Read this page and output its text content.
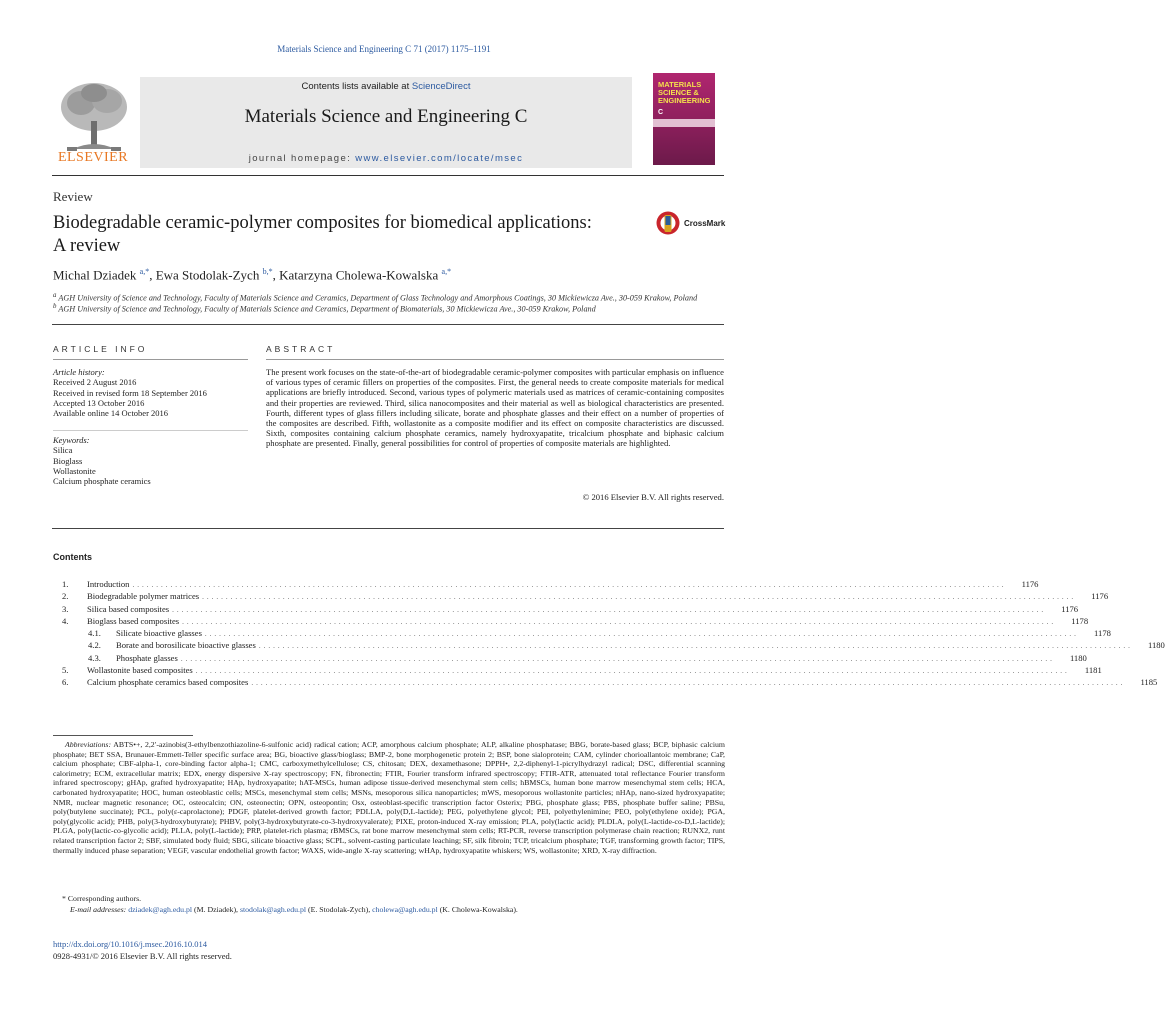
Materials Science and Engineering C 71 (2017) 1175–1191
ELSEVIER
Contents lists available at ScienceDirect
Materials Science and Engineering C
journal homepage: www.elsevier.com/locate/msec
MATERIALS SCIENCE & ENGINEERING
C
Review
Biodegradable ceramic-polymer composites for biomedical applications:
A review
CrossMark
Michal Dziadek $^{a,*}$, Ewa Stodolak-Zych $^{b,*}$, Katarzyna Cholewa-Kowalska $^{a,*}$
$^a$ AGH University of Science and Technology, Faculty of Materials Science and Ceramics, Department of Glass Technology and Amorphous Coatings, 30 Mickiewicza Ave., 30-059 Krakow, Poland
$^b$ AGH University of Science and Technology, Faculty of Materials Science and Ceramics, Department of Biomaterials, 30 Mickiewicza Ave., 30-059 Krakow, Poland
ARTICLE INFO
Article history:
Received 2 August 2016
Received in revised form 18 September 2016
Accepted 13 October 2016
Available online 14 October 2016
Keywords:
Silica
Bioglass
Wollastonite
Calcium phosphate ceramics
ABSTRACT
The present work focuses on the state-of-the-art of biodegradable ceramic-polymer composites with particular emphasis on influence of various types of ceramic fillers on properties of the composites. First, the general needs to create composite materials for medical applications are briefly introduced. Second, various types of polymeric materials used as matrices of ceramic-containing composites and their properties are reviewed. Third, silica nanocomposites and their material as well as biological characteristics are presented. Fourth, different types of glass fillers including silicate, borate and phosphate glasses and their effect on a number of properties of the composites are described. Fifth, wollastonite as a composite modifier and its effect on composite characteristics are discussed. Sixth, composites containing calcium phosphate ceramics, namely hydroxyapatite, tricalcium phosphate and biphasic calcium phosphate are presented. Finally, general possibilities for control of properties of composite materials are highlighted.
© 2016 Elsevier B.V. All rights reserved.
Contents
1.	Introduction ........................................................................................................................................................................................	1176
2.	Biodegradable polymer matrices ........................................................................................................................................................................................	1176
3.	Silica based composites ........................................................................................................................................................................................	1176
4.	Bioglass based composites ........................................................................................................................................................................................	1178
4.1.	Silicate bioactive glasses ........................................................................................................................................................................................	1178
4.2.	Borate and borosilicate bioactive glasses ........................................................................................................................................................................................	1180
4.3.	Phosphate glasses ........................................................................................................................................................................................	1180
5.	Wollastonite based composites ........................................................................................................................................................................................	1181
6.	Calcium phosphate ceramics based composites ........................................................................................................................................................................................	1185
Abbreviations: ABTS•+, 2,2′-azinobis(3-ethylbenzothiazoline-6-sulfonic acid) radical cation; ACP, amorphous calcium phosphate; ALP, alkaline phosphatase; BBG, borate-based glass; BCP, biphasic calcium phosphate; BET SSA, Brunauer-Emmett-Teller specific surface area; BG, bioactive glass/bioglass; BMP-2, bone morphogenetic protein 2; BSP, bone sialoprotein; CAM, cylinder chorioallantoic membrane; CaP, calcium phosphate; CBF-alpha-1, core-binding factor alpha-1; CMC, carboxymethylcellulose; CS, chitosan; DEX, dexamethasone; DPPH•, 2,2-diphenyl-1-picrylhydrazyl radical; DSC, differential scanning calorimetry; ECM, extracellular matrix; EDX, energy dispersive X-ray spectroscopy; FN, fibronectin; FTIR, Fourier transform infrared spectroscopy; FTIR-ATR, attenuated total reflectance Fourier transform infrared spectroscopy; gHAp, grafted hydroxyapatite; HAp, hydroxyapatite; hAT-MSCs, human adipose tissue-derived mesenchymal stem cells; hBMSCs, human bone marrow mesenchymal stem cells; HCA, carbonated hydroxyapatite; HOC, human osteoblastic cells; MSCs, mesenchymal stem cells; MSNs, mesoporous silica nanoparticles; mWS, mesoporous wollastonite particles; nHAp, nano-sized hydroxyapatite; NMR, nuclear magnetic resonance; OC, osteocalcin; ON, osteonectin; OPN, osteopontin; Osx, osteoblast-specific transcription factor Osterix; PBG, phosphate glass; PBS, phosphate buffer saline; PBSu, poly(butylene succinate); PCL, poly(ε-caprolactone); PDGF, platelet-derived growth factor; PDLLA, poly(D,L-lactide); PEG, polyethylene glycol; PEI, polyethylenimine; PEO, poly(ethylene oxide); PGA, poly(glycolic acid); PHB, poly(3-hydroxybutyrate); PHBV, poly(3-hydroxybutyrate-co-3-hydroxyvalerate); PIXE, proton-induced X-ray emission; PLA, poly(lactic acid); PLDLA, poly(L-lactide-co-D,L-lactide); PLGA, poly(lactic-co-glycolic acid); PLLA, poly(L-lactide); PRP, platelet-rich plasma; rBMSCs, rat bone marrow mesenchymal stem cells; RT-PCR, reverse transcription polymerase chain reaction; RUNX2, runt related transcription factor 2; SBF, simulated body fluid; SBG, silicate bioactive glass; SCPL, solvent-casting particulate leaching; SF, silk fibroin; TCP, tricalcium phosphate; TGF, transforming growth factor; TIPS, thermally induced phase separation; VEGF, vascular endothelial growth factor; WAXS, wide-angle X-ray scattering; wHAp, hydroxyapatite whiskers; WS, wollastonite; XRD, X-ray diffraction.
* Corresponding authors.
E-mail addresses: dziadek@agh.edu.pl (M. Dziadek), stodolak@agh.edu.pl (E. Stodolak-Zych), cholewa@agh.edu.pl (K. Cholewa-Kowalska).
http://dx.doi.org/10.1016/j.msec.2016.10.014
0928-4931/© 2016 Elsevier B.V. All rights reserved.
